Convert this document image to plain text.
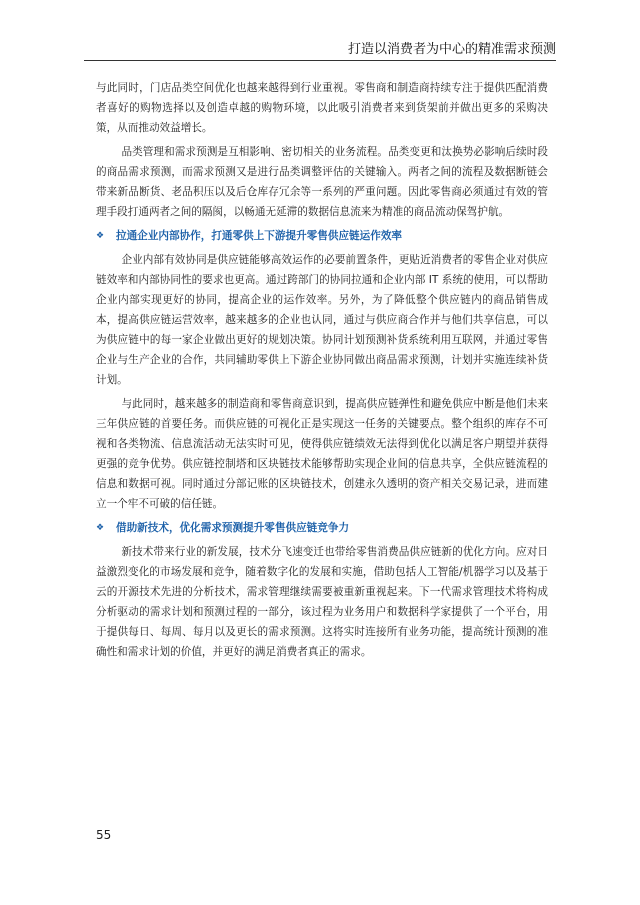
打造以消费者为中心的精准需求预测

与此同时，门店品类空间优化也越来越得到行业重视。零售商和制造商持续专注于提供匹配消费者喜好的购物选择以及创造卓越的购物环境，以此吸引消费者来到货架前并做出更多的采购决策，从而推动效益增长。

品类管理和需求预测是互相影响、密切相关的业务流程。品类变更和汰换势必影响后续时段的商品需求预测，而需求预测又是进行品类调整评估的关键输入。两者之间的流程及数据断链会带来新品断货、老品积压以及后仓库存冗余等一系列的严重问题。因此零售商必须通过有效的管理手段打通两者之间的隔阂，以畅通无延滞的数据信息流来为精准的商品流动保驾护航。

❖	拉通企业内部协作，打通零供上下游提升零售供应链运作效率

企业内部有效协同是供应链能够高效运作的必要前置条件，更贴近消费者的零售企业对供应链效率和内部协同性的要求也更高。通过跨部门的协同拉通和企业内部 IT 系统的使用，可以帮助企业内部实现更好的协同，提高企业的运作效率。另外，为了降低整个供应链内的商品销售成本，提高供应链运营效率，越来越多的企业也认同，通过与供应商合作并与他们共享信息，可以为供应链中的每一家企业做出更好的规划决策。协同计划预测补货系统利用互联网，并通过零售企业与生产企业的合作，共同辅助零供上下游企业协同做出商品需求预测，计划并实施连续补货计划。

与此同时，越来越多的制造商和零售商意识到，提高供应链弹性和避免供应中断是他们未来三年供应链的首要任务。而供应链的可视化正是实现这一任务的关键要点。整个组织的库存不可视和各类物流、信息流活动无法实时可见，使得供应链绩效无法得到优化以满足客户期望并获得更强的竞争优势。供应链控制塔和区块链技术能够帮助实现企业间的信息共享，全供应链流程的信息和数据可视。同时通过分部记账的区块链技术，创建永久透明的资产相关交易记录，进而建立一个牢不可破的信任链。

❖	借助新技术，优化需求预测提升零售供应链竞争力

新技术带来行业的新发展，技术分飞速变迁也带给零售消费品供应链新的优化方向。应对日益激烈变化的市场发展和竞争，随着数字化的发展和实施，借助包括人工智能/机器学习以及基于云的开源技术先进的分析技术，需求管理继续需要被重新重视起来。下一代需求管理技术将构成分析驱动的需求计划和预测过程的一部分，该过程为业务用户和数据科学家提供了一个平台，用于提供每日、每周、每月以及更长的需求预测。这将实时连接所有业务功能，提高统计预测的准确性和需求计划的价值，并更好的满足消费者真正的需求。

55
